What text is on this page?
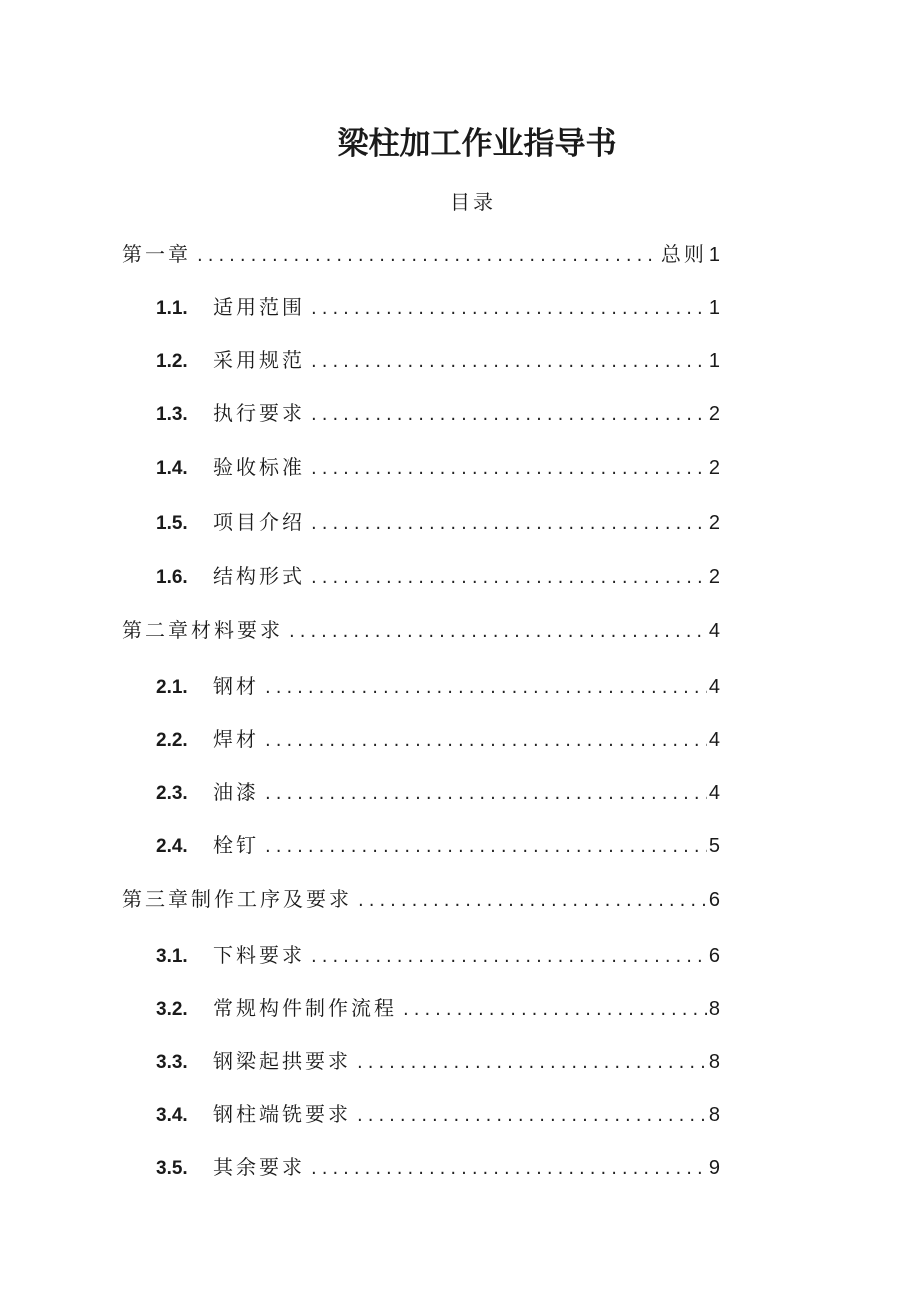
梁柱加工作业指导书
目录
第一章 .....	总则 1
1.1.	适用范围 .....	1
1.2.	采用规范 .....	1
1.3.	执行要求 .....	2
1.4.	验收标准 .....	2
1.5.	项目介绍 .....	2
1.6.	结构形式 .....	2
第二章材料要求 .....	4
2.1.	钢材 .....	4
2.2.	焊材 .....	4
2.3.	油漆 .....	4
2.4.	栓钉 .....	5
第三章制作工序及要求 .....	6
3.1.	下料要求 .....	6
3.2.	常规构件制作流程 .....	8
3.3.	钢梁起拱要求 .....	8
3.4.	钢柱端铣要求 .....	8
3.5.	其余要求 .....	9
